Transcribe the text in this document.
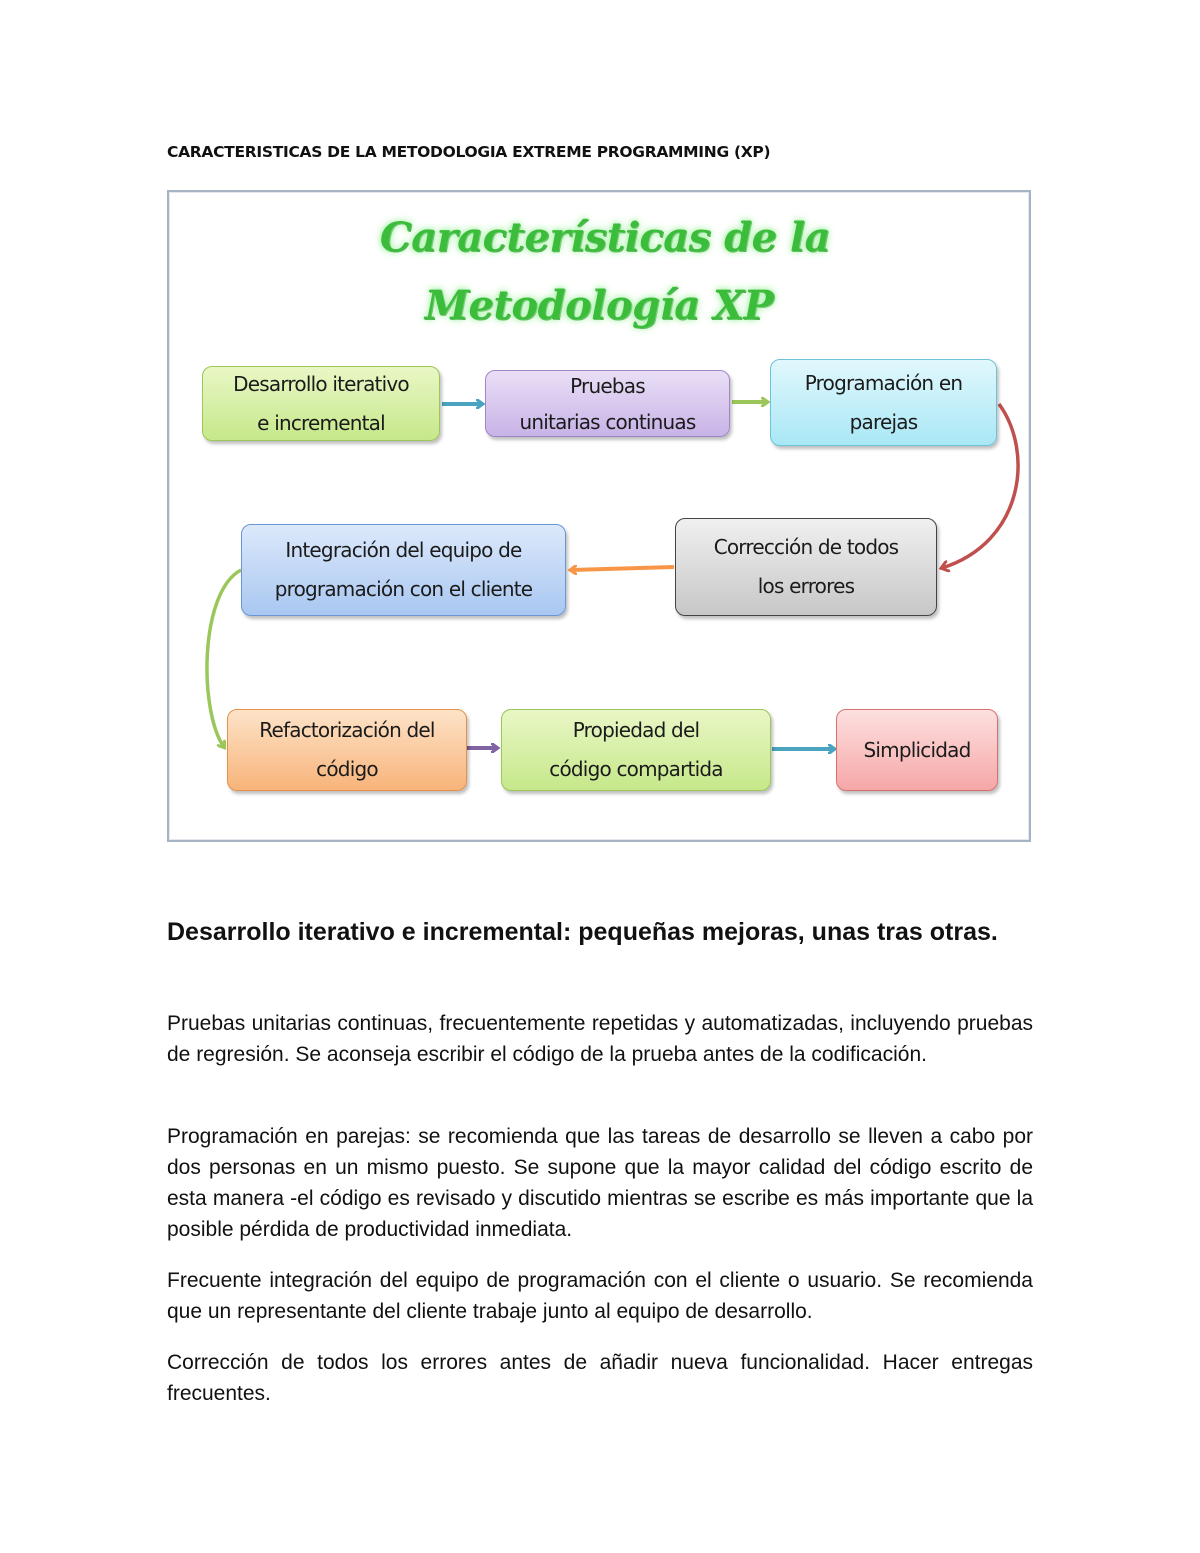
CARACTERISTICAS DE LA METODOLOGIA EXTREME PROGRAMMING (XP)
Características de la
Metodología XP
Desarrollo iterativo
e incremental
Pruebas
unitarias continuas
Programación en
parejas
Corrección de todos
los errores
Integración del equipo de
programación con el cliente
Refactorización del
código
Propiedad del
código compartida
Simplicidad
Desarrollo iterativo e incremental: pequeñas mejoras, unas tras otras.

Pruebas unitarias continuas, frecuentemente repetidas y automatizadas, incluyendo pruebas de regresión. Se aconseja escribir el código de la prueba antes de la codificación.

Programación en parejas: se recomienda que las tareas de desarrollo se lleven a cabo por dos personas en un mismo puesto. Se supone que la mayor calidad del código escrito de esta manera -el código es revisado y discutido mientras se escribe es más importante que la posible pérdida de productividad inmediata.

Frecuente integración del equipo de programación con el cliente o usuario. Se recomienda que un representante del cliente trabaje junto al equipo de desarrollo.

Corrección de todos los errores antes de añadir nueva funcionalidad. Hacer entregas frecuentes.
